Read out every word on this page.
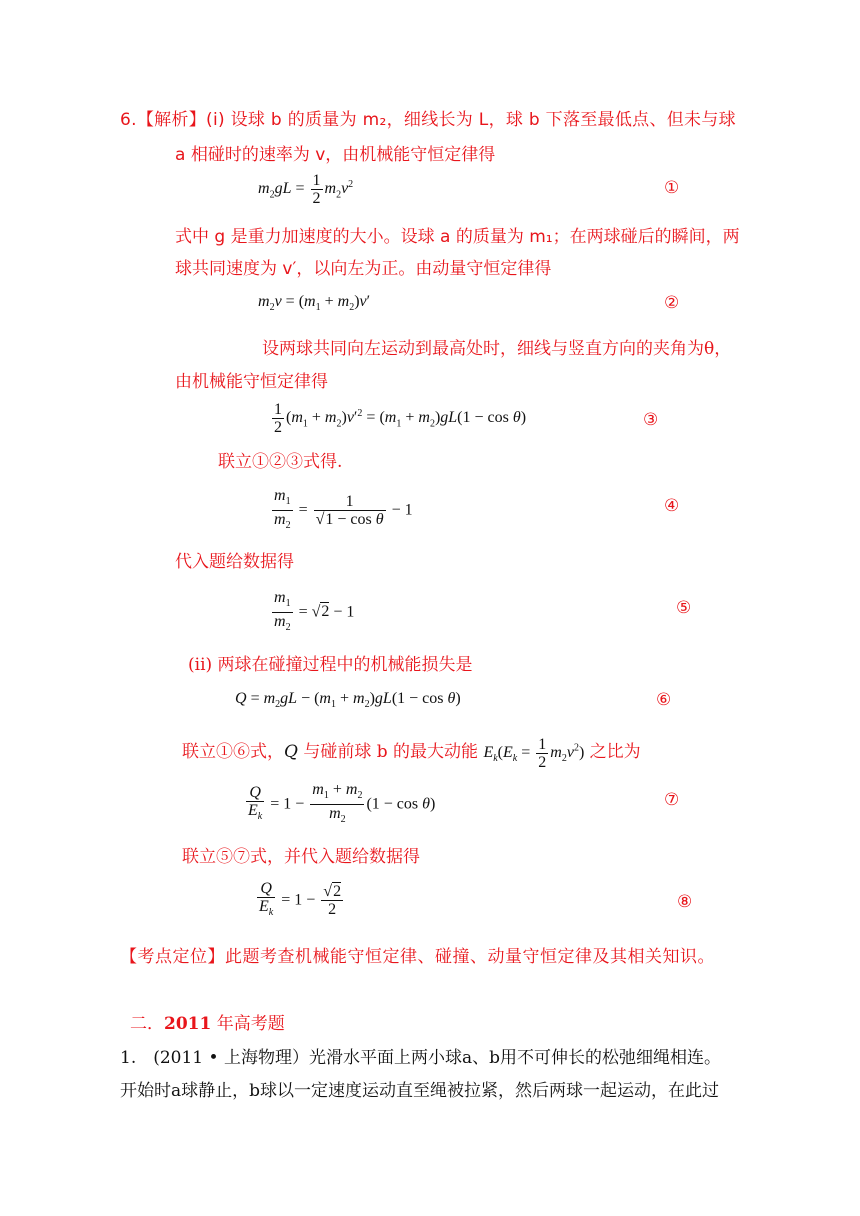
6.【解析】(i) 设球 b 的质量为 m₂，细线长为 L，球 b 下落至最低点、但未与球
a 相碰时的速率为 v，由机械能守恒定律得
$m_2gL = \frac{1}{2} m_2v^2$	①
式中 g 是重力加速度的大小。设球 a 的质量为 m₁；在两球碰后的瞬间，两
球共同速度为 v′，以向左为正。由动量守恒定律得
$m_2v = (m_1 + m_2)v'$	②
设两球共同向左运动到最高处时，细线与竖直方向的夹角为θ，
由机械能守恒定律得
$\frac{1}{2} (m_1 + m_2)v'^2 = (m_1 + m_2)gL(1 - \cos \theta)$	③
联立①②③式得.
$\frac{m_1}{m_2} = \frac{1}{\text{√1 − cos θ}} - 1$	④
代入题给数据得
$\frac{m_1}{m_2} = √2 - 1$	⑤
(ii) 两球在碰撞过程中的机械能损失是
$Q = m_2gL - (m_1 + m_2)gL(1 - \cos \theta)$	⑥
联立①⑥式，Q 与碰前球 b 的最大动能 $E_k(E_k = \frac{1}{2} m_2v^2)$ 之比为
$\frac{Q}{E_k} = 1 - \frac{m_1 + m_2}{m_2} (1 - \cos \theta)$	⑦
联立⑤⑦式，并代入题给数据得
$\frac{Q}{E_k} = 1 - \frac{√2}{2}$	⑧
【考点定位】此题考查机械能守恒定律、碰撞、动量守恒定律及其相关知识。
二．2011 年高考题
1.　(2011 • 上海物理）光滑水平面上两小球a、b用不可伸长的松弛细绳相连。
开始时a球静止，b球以一定速度运动直至绳被拉紧，然后两球一起运动，在此过
